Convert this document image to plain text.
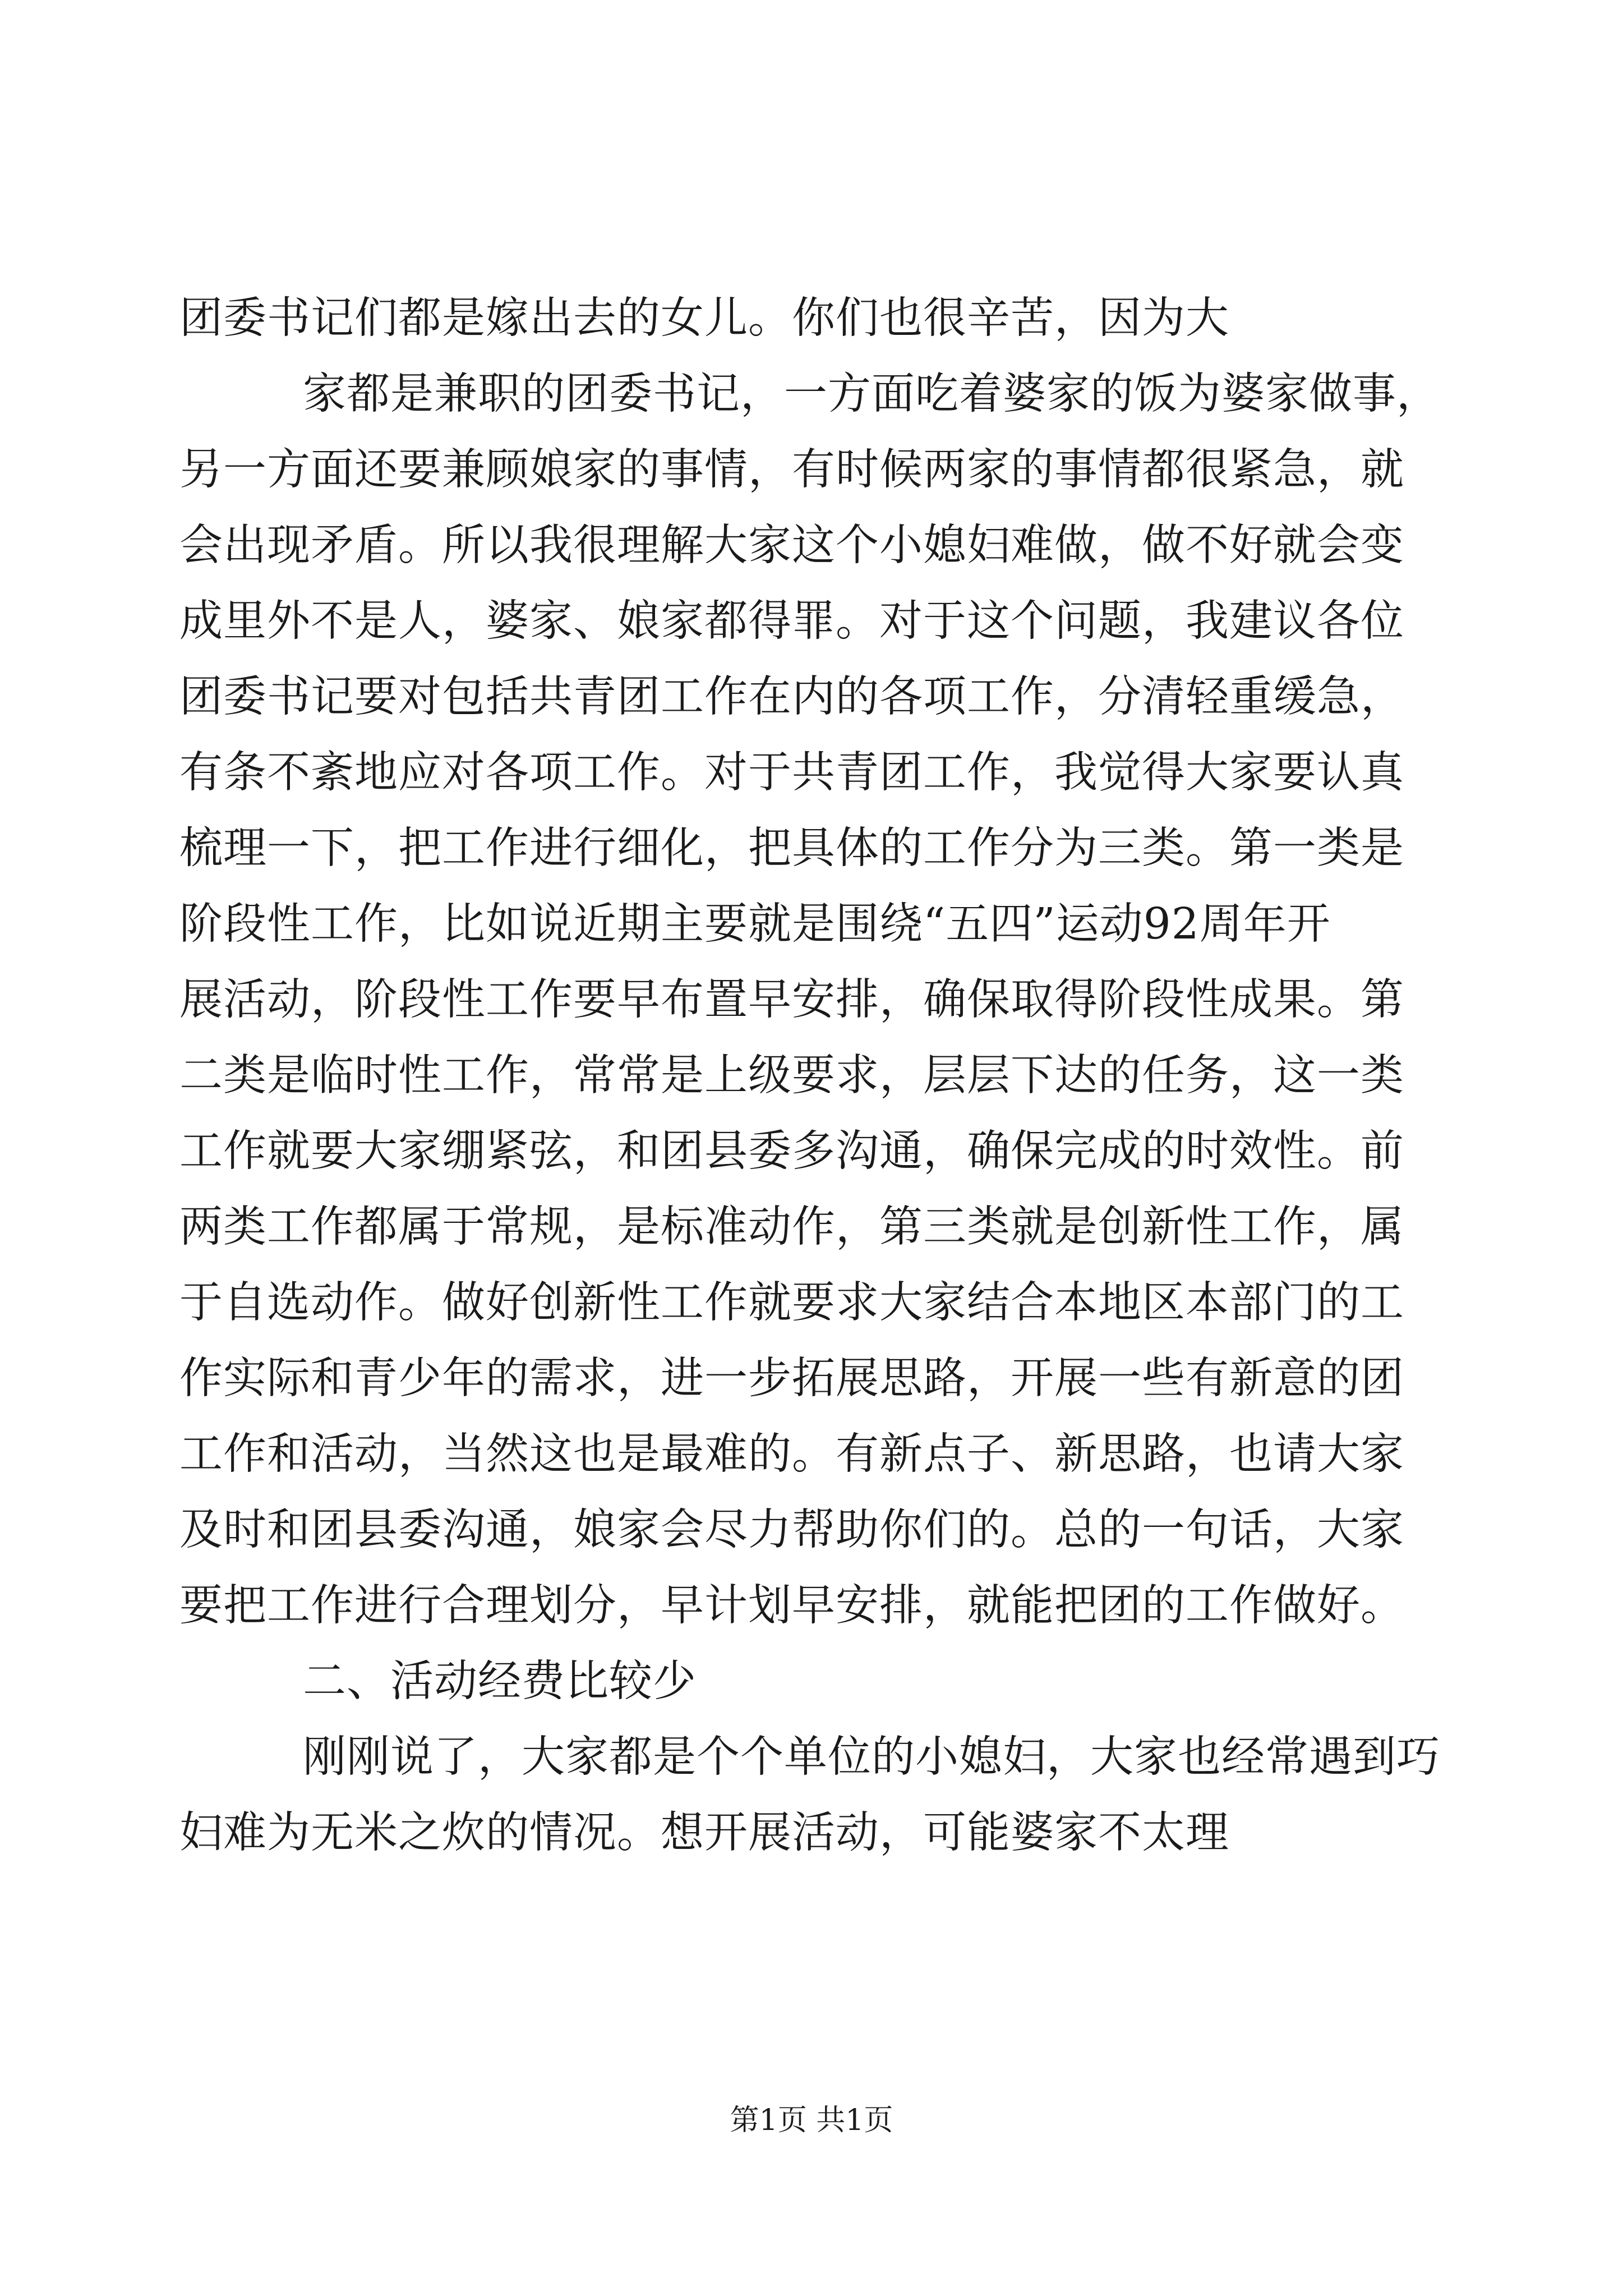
团委书记们都是嫁出去的女儿。你们也很辛苦，因为大
家都是兼职的团委书记，一方面吃着婆家的饭为婆家做事，
另一方面还要兼顾娘家的事情，有时候两家的事情都很紧急，就
会出现矛盾。所以我很理解大家这个小媳妇难做，做不好就会变
成里外不是人，婆家、娘家都得罪。对于这个问题，我建议各位
团委书记要对包括共青团工作在内的各项工作，分清轻重缓急，
有条不紊地应对各项工作。对于共青团工作，我觉得大家要认真
梳理一下，把工作进行细化，把具体的工作分为三类。第一类是
阶段性工作，比如说近期主要就是围绕“五四”运动92周年开
展活动，阶段性工作要早布置早安排，确保取得阶段性成果。第
二类是临时性工作，常常是上级要求，层层下达的任务，这一类
工作就要大家绷紧弦，和团县委多沟通，确保完成的时效性。前
两类工作都属于常规，是标准动作，第三类就是创新性工作，属
于自选动作。做好创新性工作就要求大家结合本地区本部门的工
作实际和青少年的需求，进一步拓展思路，开展一些有新意的团
工作和活动，当然这也是最难的。有新点子、新思路，也请大家
及时和团县委沟通，娘家会尽力帮助你们的。总的一句话，大家
要把工作进行合理划分，早计划早安排，就能把团的工作做好。
二、活动经费比较少
刚刚说了，大家都是个个单位的小媳妇，大家也经常遇到巧
妇难为无米之炊的情况。想开展活动，可能婆家不太理
第1页 共1页
